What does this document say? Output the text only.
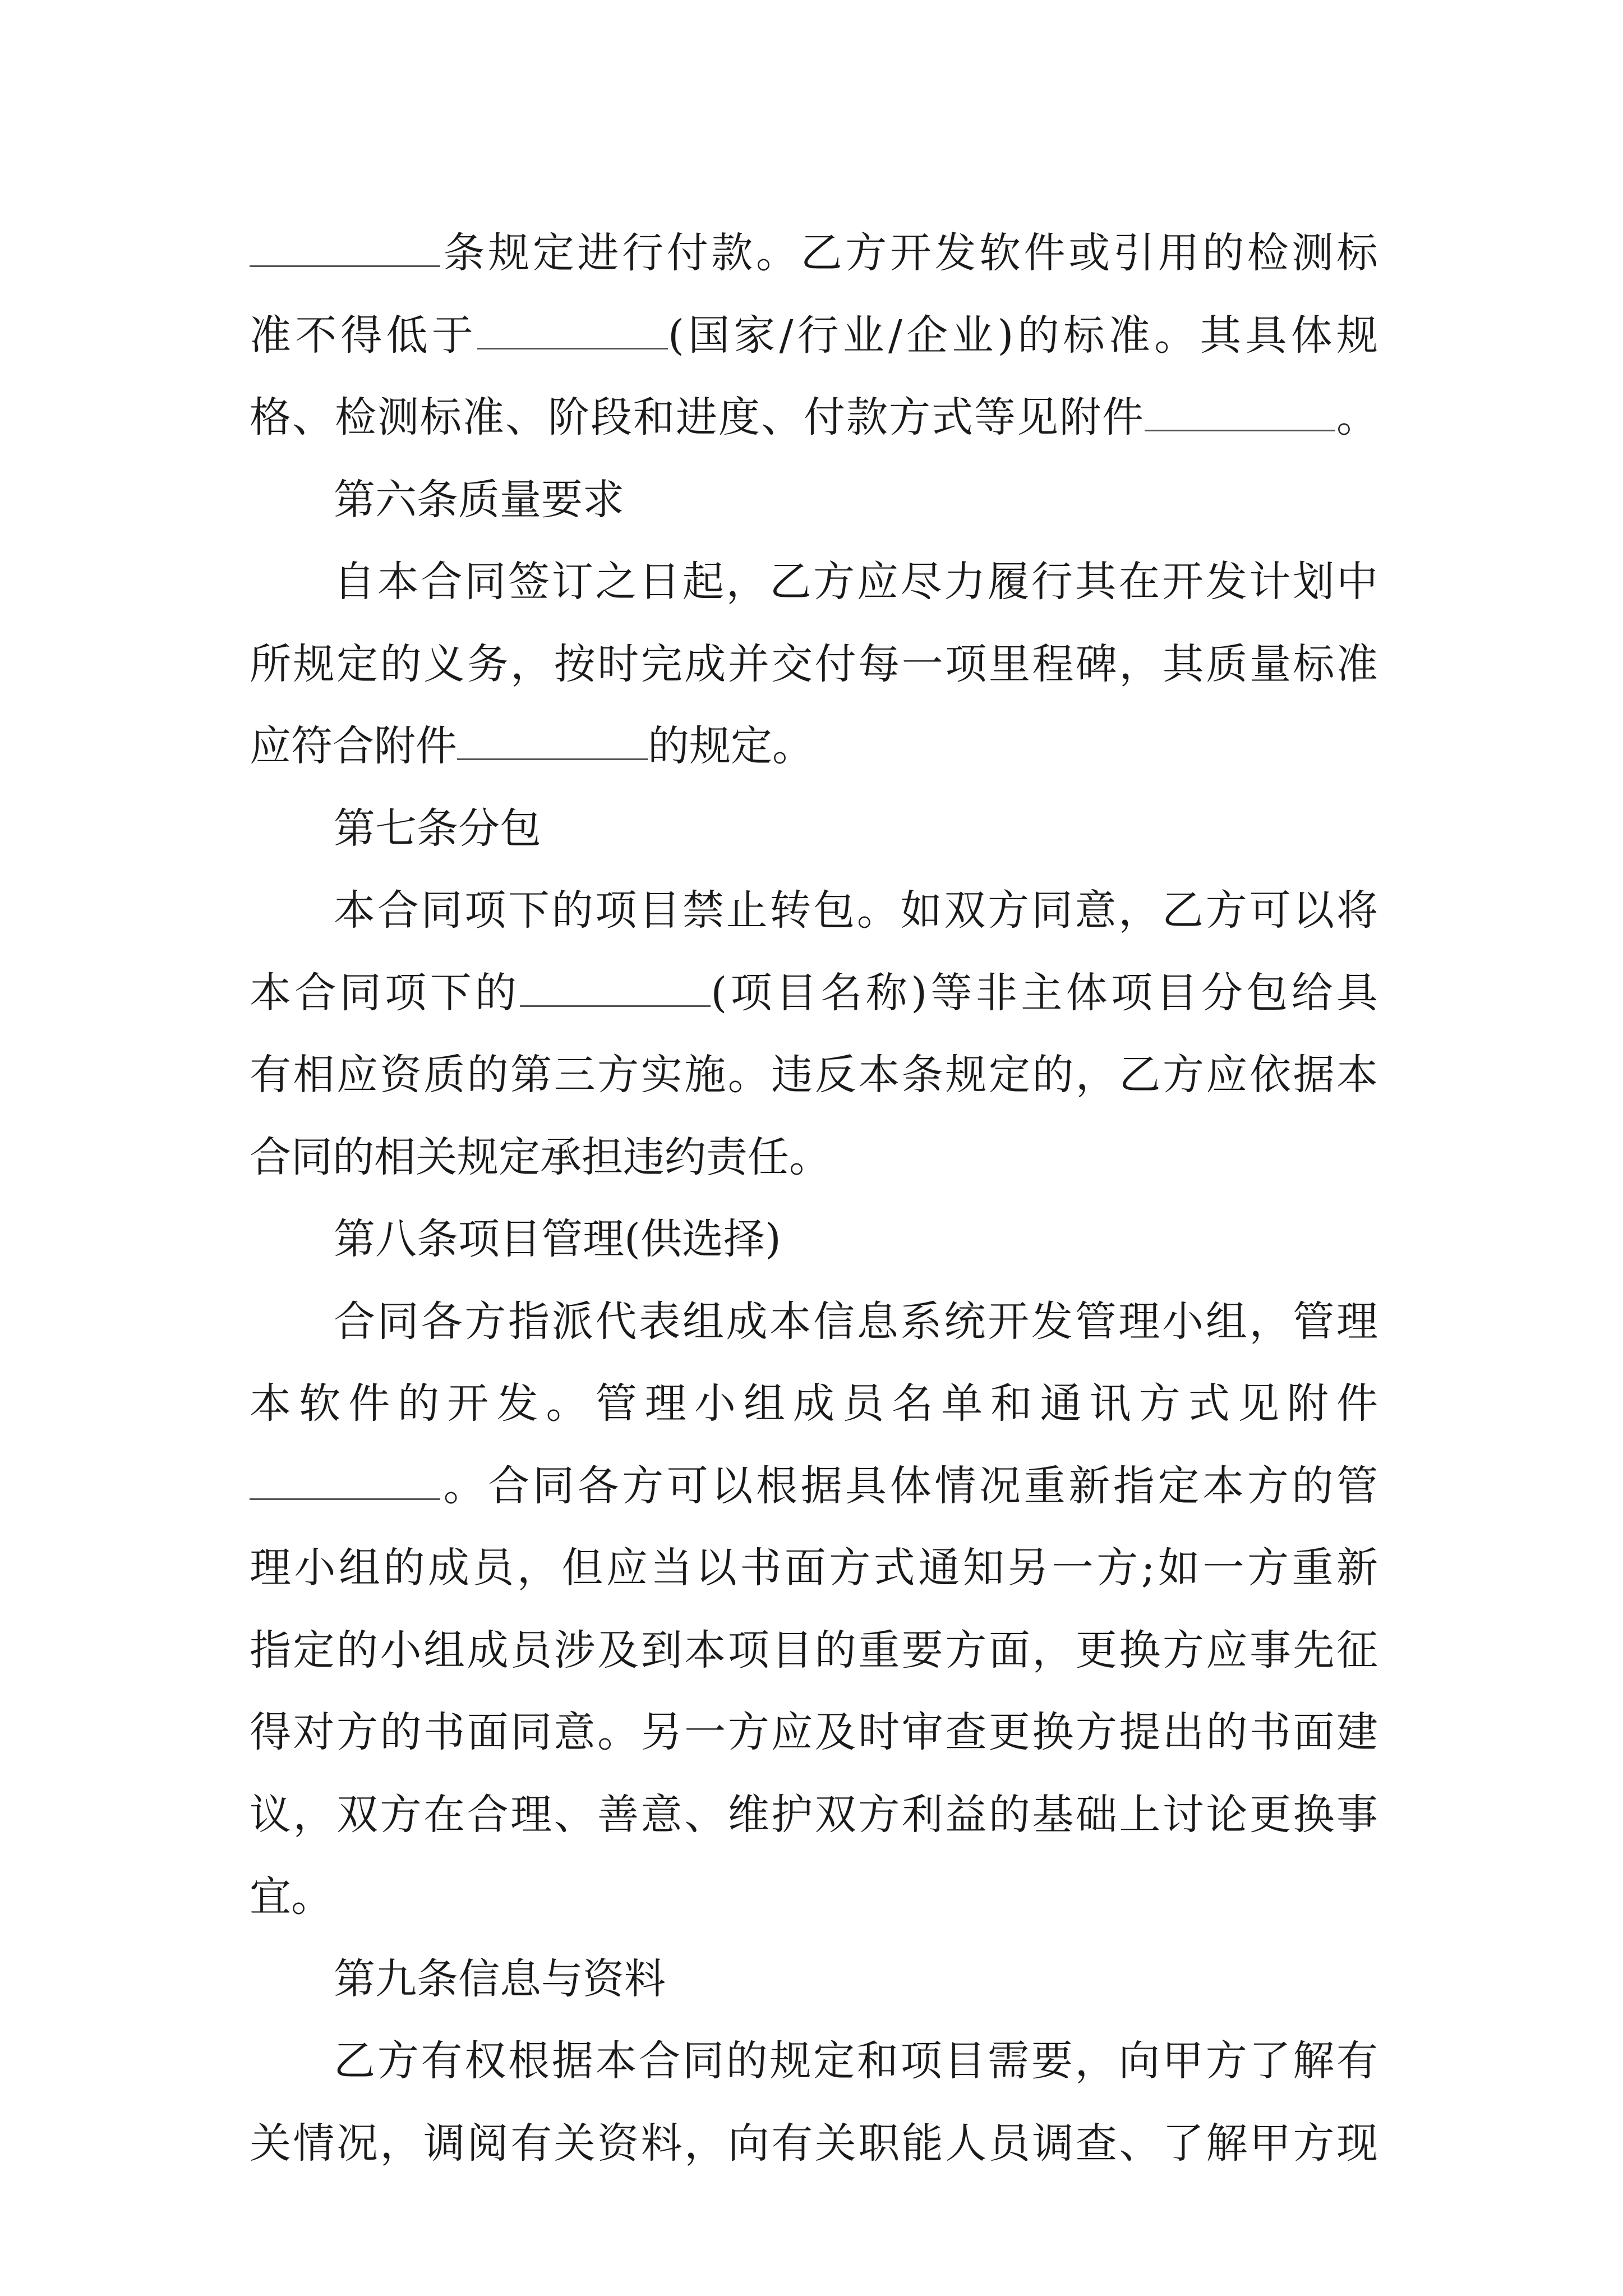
条规定进行付款。乙方开发软件或引用的检测标
准不得低于	(国家/行业/企业)的标准。其具体规
格、检测标准、阶段和进度、付款方式等见附件	。
第六条质量要求
自本合同签订之日起，乙方应尽力履行其在开发计划中
所规定的义务，按时完成并交付每一项里程碑，其质量标准
应符合附件	的规定。
第七条分包
本合同项下的项目禁止转包。如双方同意，乙方可以将
本合同项下的	(项目名称)等非主体项目分包给具
有相应资质的第三方实施。违反本条规定的，乙方应依据本
合同的相关规定承担违约责任。
第八条项目管理(供选择)
合同各方指派代表组成本信息系统开发管理小组，管理
本软件的开发。管理小组成员名单和通讯方式见附件
。合同各方可以根据具体情况重新指定本方的管
理小组的成员，但应当以书面方式通知另一方;如一方重新
指定的小组成员涉及到本项目的重要方面，更换方应事先征
得对方的书面同意。另一方应及时审查更换方提出的书面建
议，双方在合理、善意、维护双方利益的基础上讨论更换事
宜。
第九条信息与资料
乙方有权根据本合同的规定和项目需要，向甲方了解有
关情况，调阅有关资料，向有关职能人员调查、了解甲方现
